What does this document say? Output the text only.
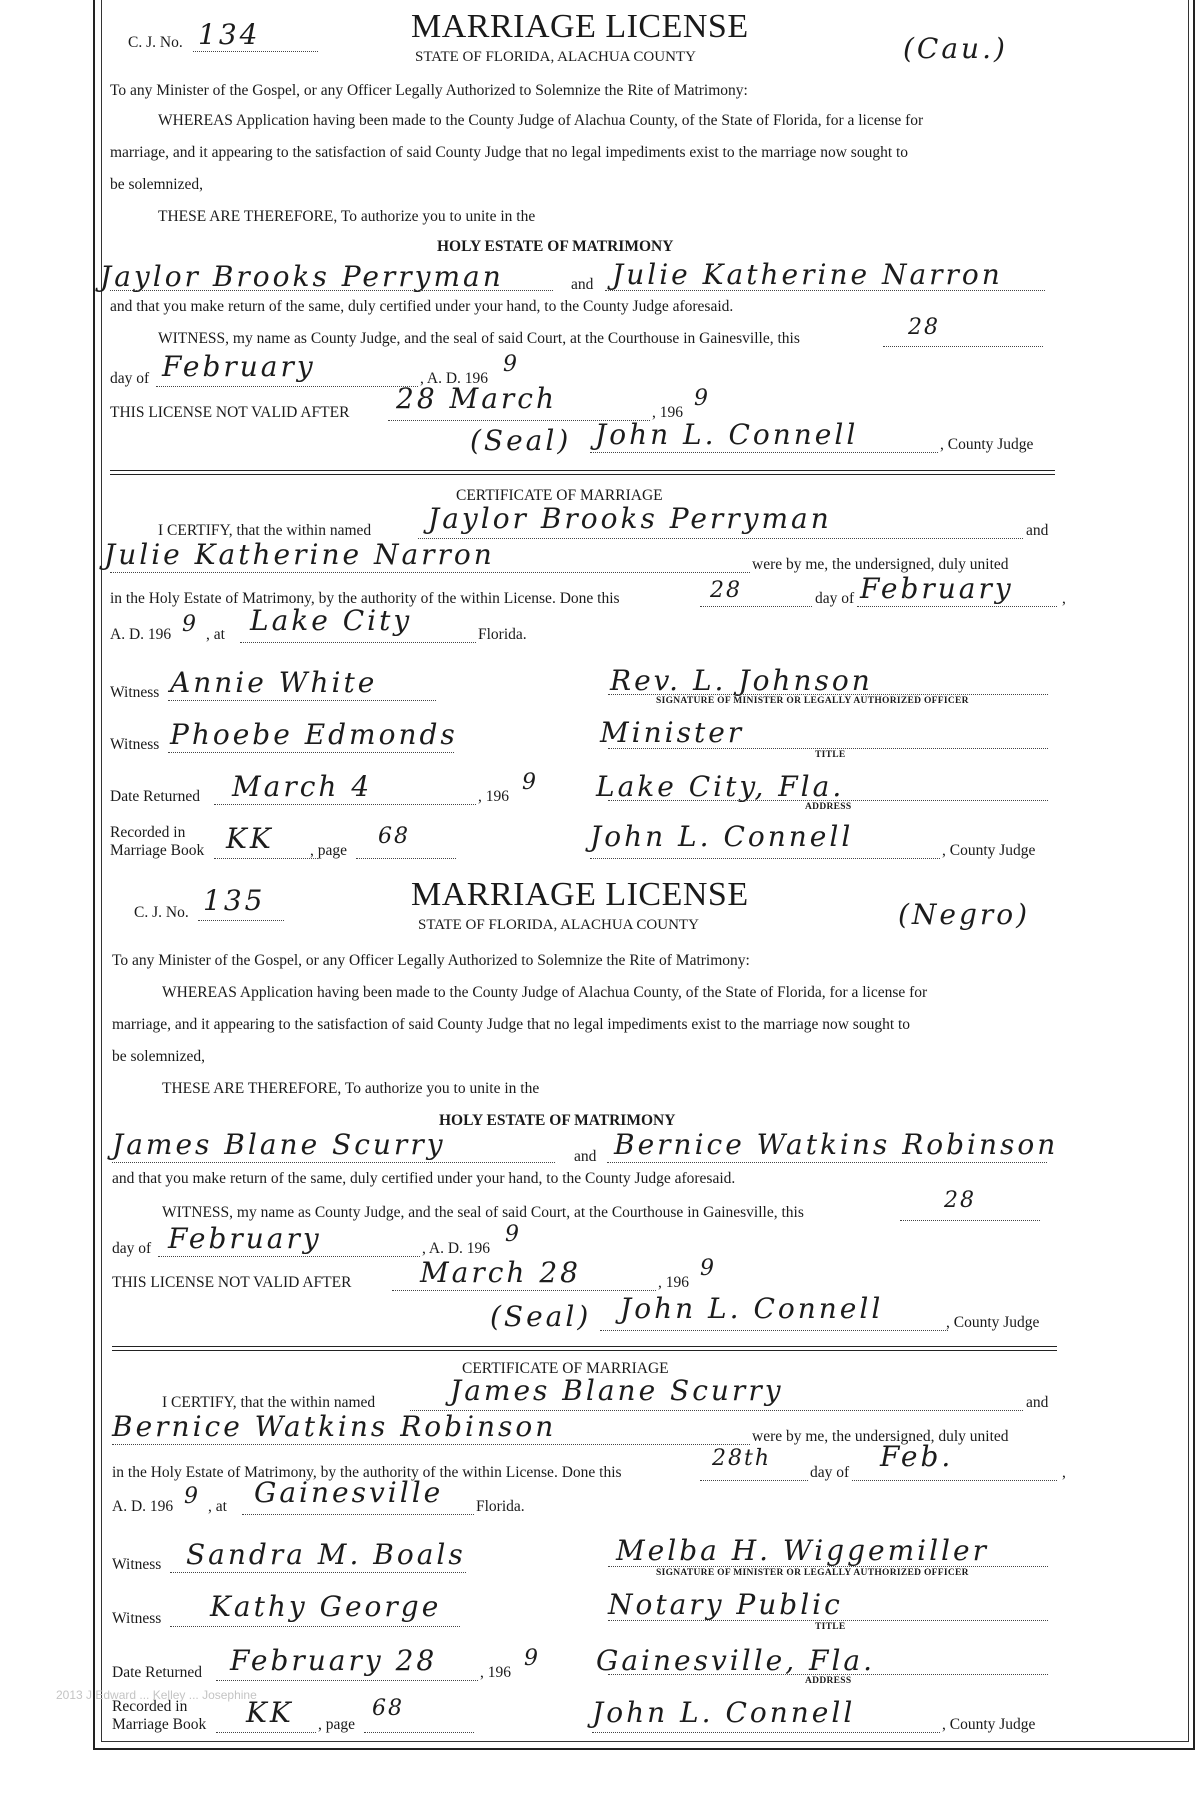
C. J. No. 134	MARRIAGE LICENSE
STATE OF FLORIDA, ALACHUA COUNTY	(Cau.)
To any Minister of the Gospel, or any Officer Legally Authorized to Solemnize the Rite of Matrimony:
WHEREAS Application having been made to the County Judge of Alachua County, of the State of Florida, for a license for
marriage, and it appearing to the satisfaction of said County Judge that no legal impediments exist to the marriage now sought to
be solemnized,
THESE ARE THEREFORE, To authorize you to unite in the
HOLY ESTATE OF MATRIMONY
Jaylor Brooks Perryman	and Julie Katherine Narron
and that you make return of the same, duly certified under your hand, to the County Judge aforesaid.
WITNESS, my name as County Judge, and the seal of said Court, at the Courthouse in Gainesville, this	28
day of February	, A. D. 196
9
THIS LICENSE NOT VALID AFTER 28 March	, 196
9
(Seal) John L. Connell	, County Judge
CERTIFICATE OF MARRIAGE
I CERTIFY, that the within named Jaylor Brooks Perryman	and
Julie Katherine Narron	were by me, the undersigned, duly united
in the Holy Estate of Matrimony, by the authority of the within License. Done this	28	day of February	,
A. D. 196 9 , at Lake City	Florida.
Witness Annie White	Rev. L. Johnson
SIGNATURE OF MINISTER OR LEGALLY AUTHORIZED OFFICER
Witness Phoebe Edmonds	Minister
TITLE
Date Returned March 4	, 196
9 Lake City, Fla.
ADDRESS
Recorded in
Marriage Book KK , page
68	John L. Connell	, County Judge
C. J. No. 135	MARRIAGE LICENSE
STATE OF FLORIDA, ALACHUA COUNTY	(Negro)
To any Minister of the Gospel, or any Officer Legally Authorized to Solemnize the Rite of Matrimony:
WHEREAS Application having been made to the County Judge of Alachua County, of the State of Florida, for a license for
marriage, and it appearing to the satisfaction of said County Judge that no legal impediments exist to the marriage now sought to
be solemnized,
THESE ARE THEREFORE, To authorize you to unite in the
HOLY ESTATE OF MATRIMONY
James Blane Scurry	and Bernice Watkins Robinson
and that you make return of the same, duly certified under your hand, to the County Judge aforesaid.
WITNESS, my name as County Judge, and the seal of said Court, at the Courthouse in Gainesville, this	28
day of February	, A. D. 196
9
THIS LICENSE NOT VALID AFTER March 28	, 196
9
(Seal) John L. Connell	, County Judge
CERTIFICATE OF MARRIAGE
I CERTIFY, that the within named	James Blane Scurry	and
Bernice Watkins Robinson	were by me, the undersigned, duly united
in the Holy Estate of Matrimony, by the authority of the within License. Done this
28th
day of Feb.	,
A. D. 196 9 , at Gainesville Florida.
Witness Sandra M. Boals	Melba H. Wiggemiller
SIGNATURE OF MINISTER OR LEGALLY AUTHORIZED OFFICER
Witness Kathy George	Notary Public
TITLE
Date Returned February 28	, 196
9 Gainesville, Fla.
ADDRESS
Recorded in
Marriage Book KK , page
68	John L. Connell	, County Judge
2013 J Edward ... Kelley ... Josephine
